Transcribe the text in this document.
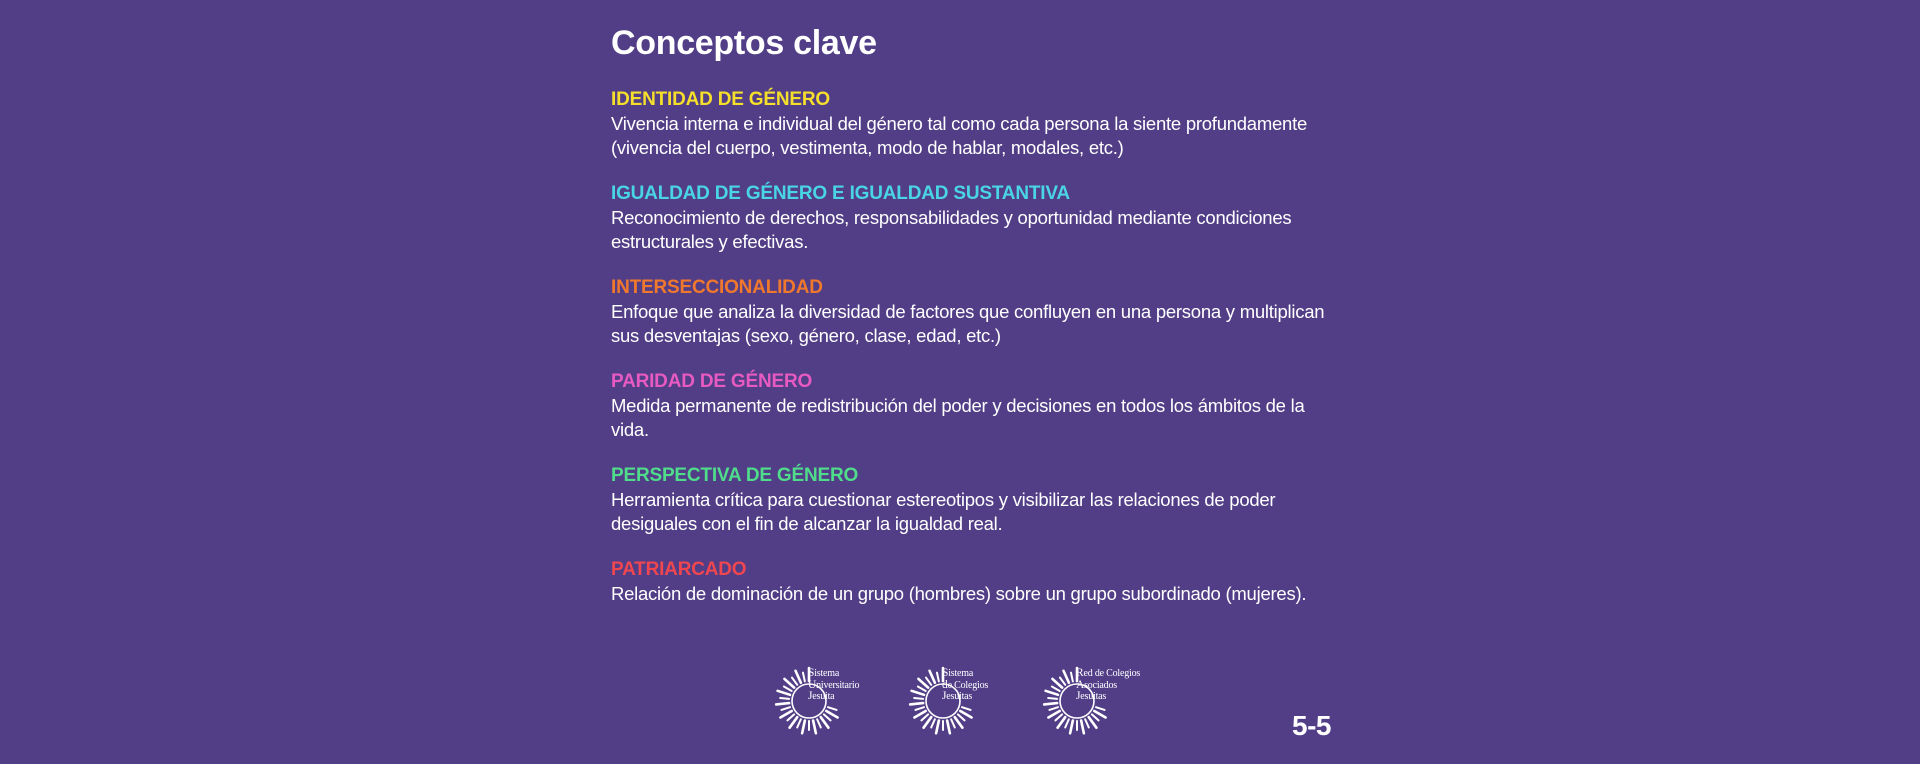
Conceptos clave
IDENTIDAD DE GÉNERO
Vivencia interna e individual del género tal como cada persona la siente profundamente (vivencia del cuerpo, vestimenta, modo de hablar, modales, etc.)
IGUALDAD DE GÉNERO E IGUALDAD SUSTANTIVA
Reconocimiento de derechos, responsabilidades y oportunidad mediante condiciones estructurales y efectivas.
INTERSECCIONALIDAD
Enfoque que analiza la diversidad de factores que confluyen en una persona y multiplican sus desventajas (sexo, género, clase, edad, etc.)
PARIDAD DE GÉNERO
Medida permanente de redistribución del poder y decisiones en todos los ámbitos de la vida.
PERSPECTIVA DE GÉNERO
Herramienta crítica para cuestionar estereotipos y visibilizar las relaciones de poder desiguales con el fin de alcanzar la igualdad real.
PATRIARCADO
Relación de dominación de un grupo (hombres) sobre un grupo subordinado (mujeres).
Sistema
Universitario
Jesuita
Sistema
de Colegios
Jesuitas
Red de Colegios
Asociados
Jesuitas
5-5
